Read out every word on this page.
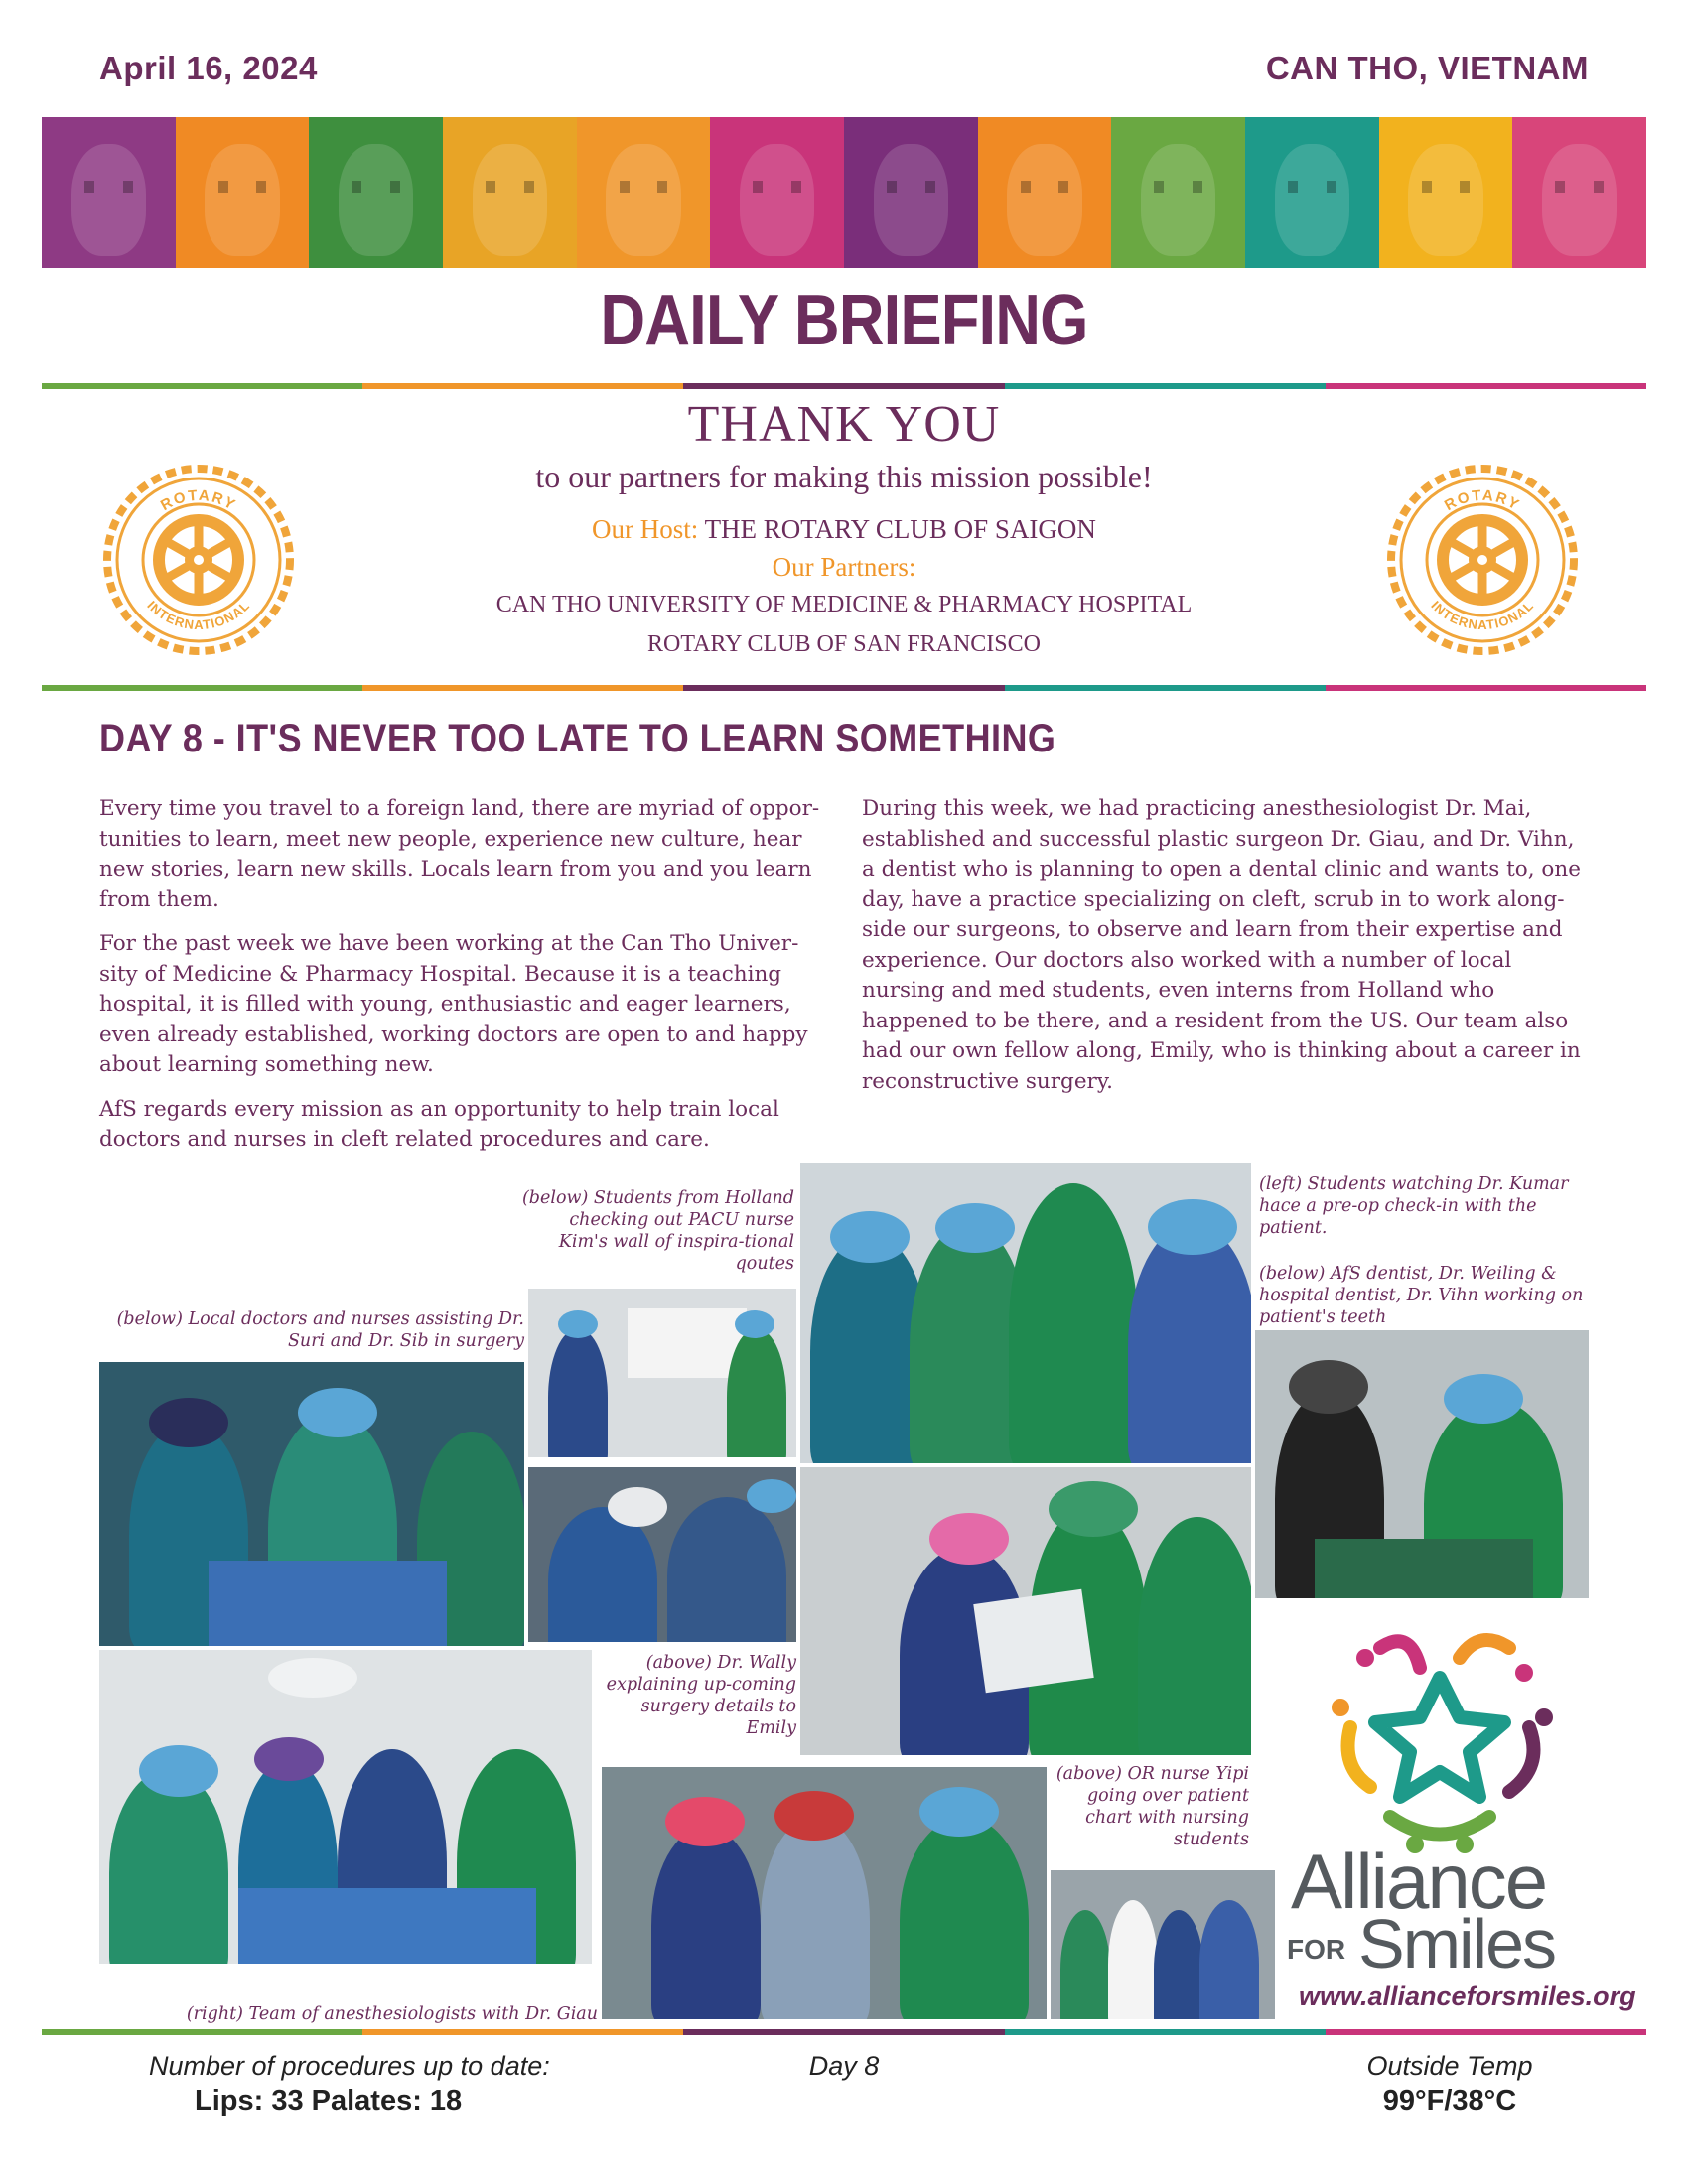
April 16, 2024	CAN THO, VIETNAM
DAILY BRIEFING
THANK YOU
to our partners for making this mission possible!
Our Host: THE ROTARY CLUB OF SAIGON
Our Partners:
CAN THO UNIVERSITY OF MEDICINE & PHARMACY HOSPITAL
ROTARY CLUB OF SAN FRANCISCO
ROTARY
INTERNATIONAL
ROTARY
INTERNATIONAL
DAY 8 - IT'S NEVER TOO LATE TO LEARN SOMETHING

Every time you travel to a foreign land, there are myriad of oppor-tunities to learn, meet new people, experience new culture, hear new stories, learn new skills. Locals learn from you and you learn from them.

For the past week we have been working at the Can Tho Univer-sity of Medicine & Pharmacy Hospital. Because it is a teaching hospital, it is filled with young, enthusiastic and eager learners, even already established, working doctors are open to and happy about learning something new.

AfS regards every mission as an opportunity to help train local doctors and nurses in cleft related procedures and care.

During this week, we had practicing anesthesiologist Dr. Mai, established and successful plastic surgeon Dr. Giau, and Dr. Vihn, a dentist who is planning to open a dental clinic and wants to, one day, have a practice specializing on cleft, scrub in to work along-side our surgeons, to observe and learn from their expertise and experience. Our doctors also worked with a number of local nursing and med students, even interns from Holland who happened to be there, and a resident from the US. Our team also had our own fellow along, Emily, who is thinking about a career in reconstructive surgery.

(below) Students from Holland checking out PACU nurse Kim's wall of inspira-tional qoutes
(below) Local doctors and nurses assisting Dr. Suri and Dr. Sib in surgery
(left) Students watching Dr. Kumar hace a pre-op check-in with the patient.
(below) AfS dentist, Dr. Weiling & hospital dentist, Dr. Vihn working on patient's teeth
(above) Dr. Wally explaining up-coming surgery details to Emily
(above) OR nurse Yipi going over patient chart with nursing students
(right) Team of anesthesiologists with Dr. Giau
Alliance
FOR Smiles
www.allianceforsmiles.org
Number of procedures up to date:
Lips: 33 Palates: 18
Day 8	Outside Temp
99°F/38°C
